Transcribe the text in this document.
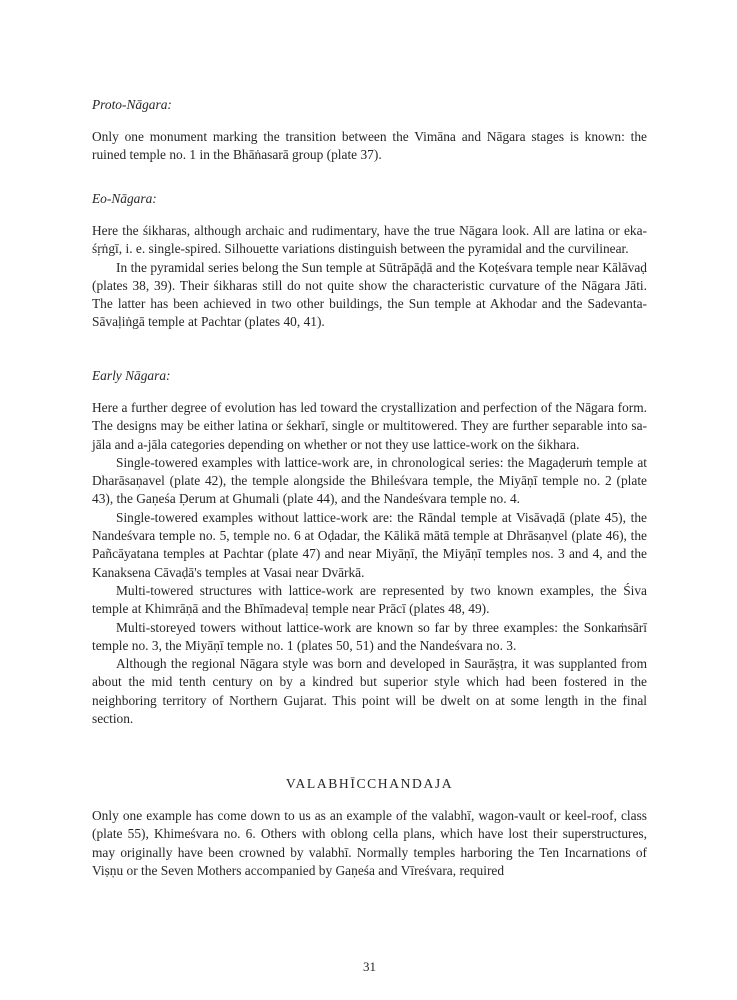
Proto-Nāgara:

Only one monument marking the transition between the Vimāna and Nāgara stages is known: the ruined temple no. 1 in the Bhāṅasarā group (plate 37).

Eo-Nāgara:

Here the śikharas, although archaic and rudimentary, have the true Nāgara look. All are latina or eka-śṛṅgī, i. e. single-spired. Silhouette variations distinguish between the pyramidal and the curvilinear.

In the pyramidal series belong the Sun temple at Sūtrāpāḍā and the Koṭeśvara temple near Kālāvaḍ (plates 38, 39). Their śikharas still do not quite show the characteristic curvature of the Nāgara Jāti. The latter has been achieved in two other buildings, the Sun temple at Akhodar and the Sadevanta-Sāvaḷiṅgā temple at Pachtar (plates 40, 41).

Early Nāgara:

Here a further degree of evolution has led toward the crystallization and perfection of the Nāgara form. The designs may be either latina or śekharī, single or multitowered. They are further separable into sa-jāla and a-jāla categories depending on whether or not they use lattice-work on the śikhara.

Single-towered examples with lattice-work are, in chronological series: the Magaḍeruṁ temple at Dharāsaṇavel (plate 42), the temple alongside the Bhileśvara temple, the Miyāṇī temple no. 2 (plate 43), the Gaṇeśa Ḍerum at Ghumali (plate 44), and the Nandeśvara temple no. 4.

Single-towered examples without lattice-work are: the Rāndal temple at Visāvaḍā (plate 45), the Nandeśvara temple no. 5, temple no. 6 at Oḍadar, the Kālikā mātā temple at Dhrāsaṇvel (plate 46), the Pañcāyatana temples at Pachtar (plate 47) and near Miyāṇī, the Miyāṇī temples nos. 3 and 4, and the Kanaksena Cāvaḍā's temples at Vasai near Dvārkā.

Multi-towered structures with lattice-work are represented by two known examples, the Śiva temple at Khimrāṇā and the Bhīmadevaḷ temple near Prācī (plates 48, 49).

Multi-storeyed towers without lattice-work are known so far by three examples: the Sonkaṁsārī temple no. 3, the Miyāṇī temple no. 1 (plates 50, 51) and the Nandeśvara no. 3.

Although the regional Nāgara style was born and developed in Saurāṣṭra, it was supplanted from about the mid tenth century on by a kindred but superior style which had been fostered in the neighboring territory of Northern Gujarat. This point will be dwelt on at some length in the final section.

VALABHĪCCHANDAJA

Only one example has come down to us as an example of the valabhī, wagon-vault or keel-roof, class (plate 55), Khimeśvara no. 6. Others with oblong cella plans, which have lost their superstructures, may originally have been crowned by valabhī. Normally temples harboring the Ten Incarnations of Viṣṇu or the Seven Mothers accompanied by Gaṇeśa and Vīreśvara, required

31
